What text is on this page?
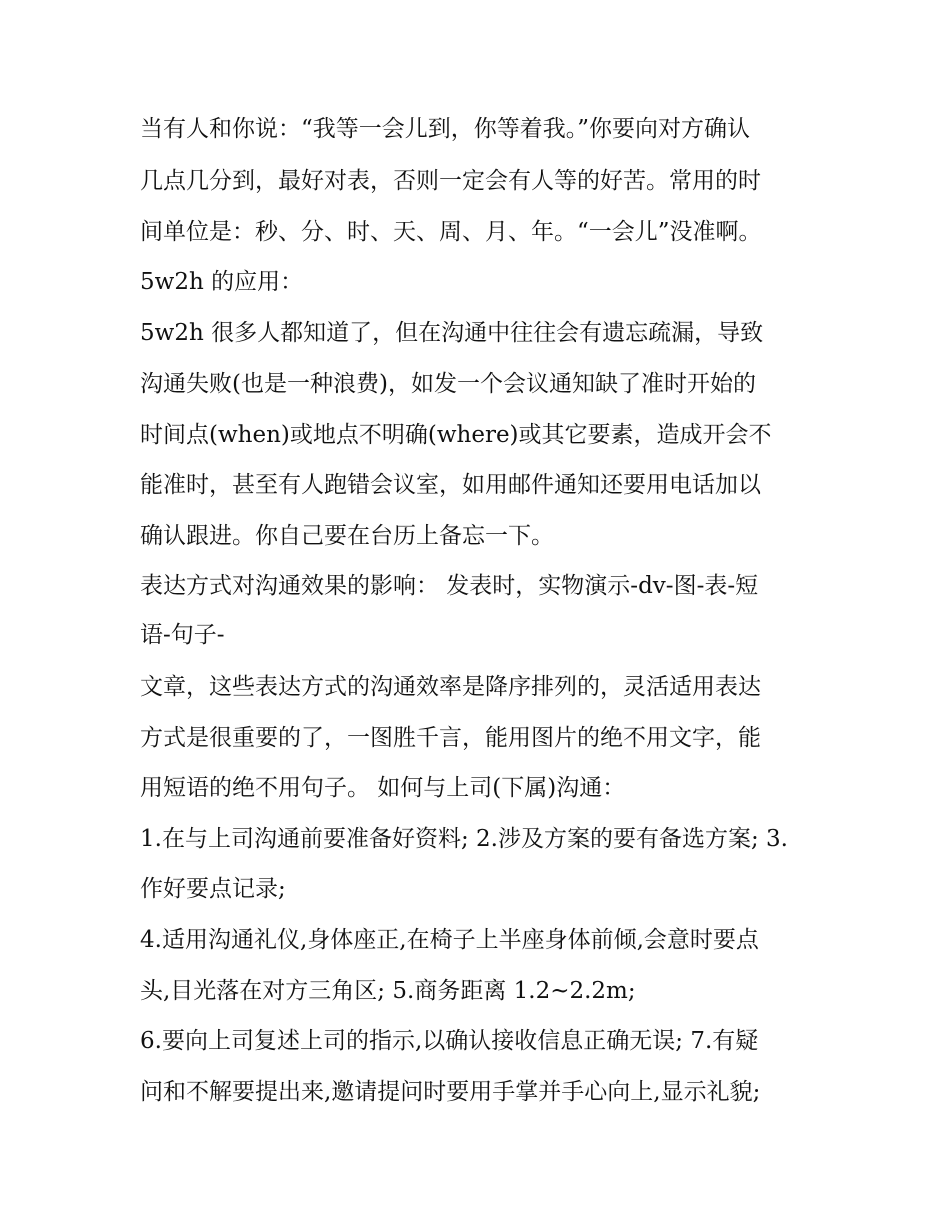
当有人和你说：“我等一会儿到，你等着我。”你要向对方确认
几点几分到，最好对表，否则一定会有人等的好苦。常用的时
间单位是：秒、分、时、天、周、月、年。“一会儿”没准啊。
5w2h 的应用：
5w2h 很多人都知道了，但在沟通中往往会有遗忘疏漏，导致
沟通失败(也是一种浪费)，如发一个会议通知缺了准时开始的
时间点(when)或地点不明确(where)或其它要素，造成开会不
能准时，甚至有人跑错会议室，如用邮件通知还要用电话加以
确认跟进。你自己要在台历上备忘一下。
表达方式对沟通效果的影响： 发表时，实物演示-dv-图-表-短
语-句子-
文章，这些表达方式的沟通效率是降序排列的，灵活适用表达
方式是很重要的了，一图胜千言，能用图片的绝不用文字，能
用短语的绝不用句子。 如何与上司(下属)沟通：
1.在与上司沟通前要准备好资料; 2.涉及方案的要有备选方案; 3.
作好要点记录;
4.适用沟通礼仪,身体座正,在椅子上半座身体前倾,会意时要点
头,目光落在对方三角区; 5.商务距离 1.2~2.2m;
6.要向上司复述上司的指示,以确认接收信息正确无误; 7.有疑
问和不解要提出来,邀请提问时要用手掌并手心向上,显示礼貌;
